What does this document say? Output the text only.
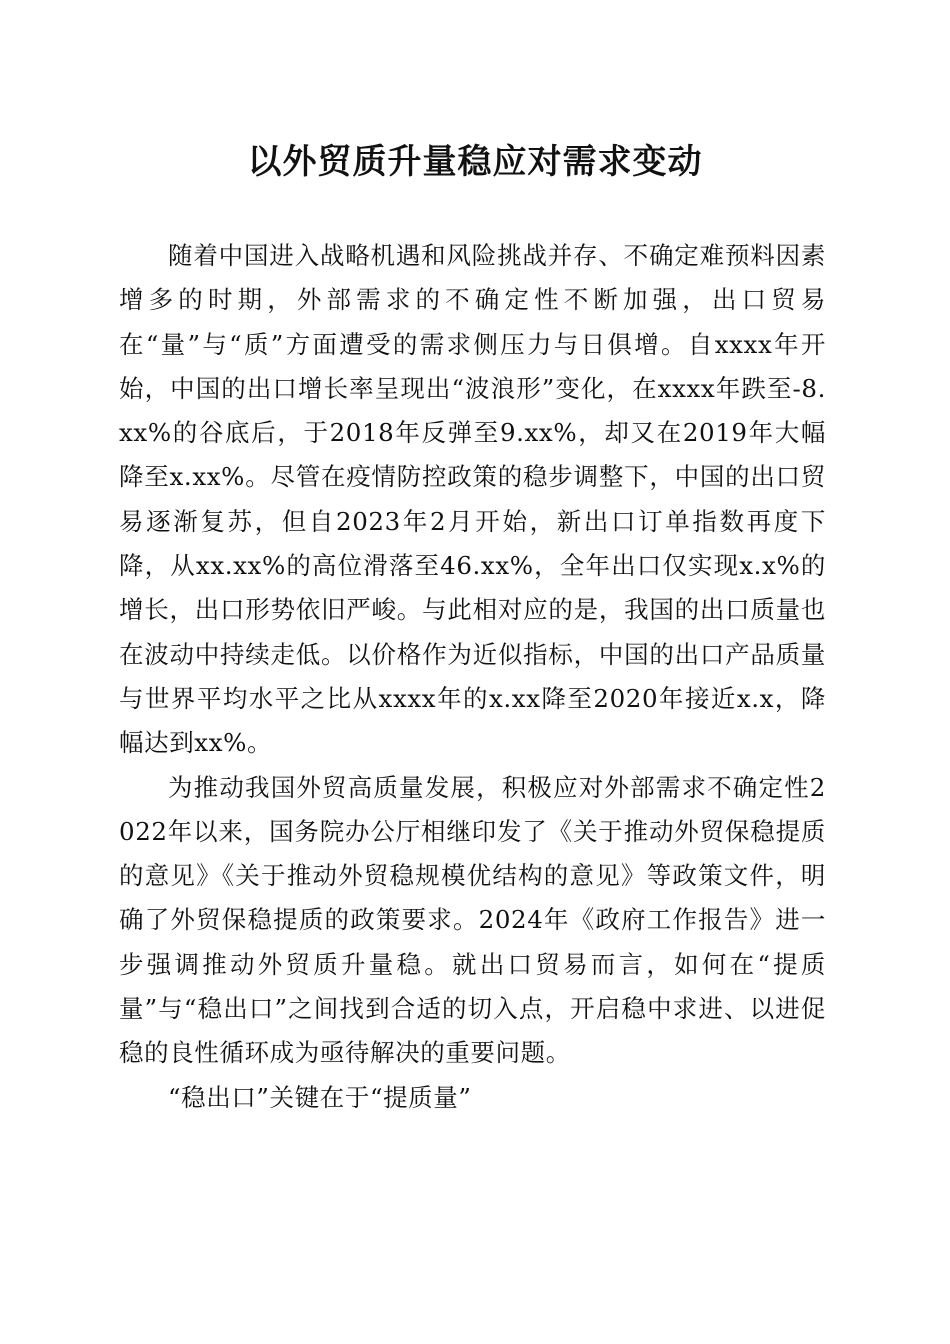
以外贸质升量稳应对需求变动

随着中国进入战略机遇和风险挑战并存、不确定难预料因素增多的时期，外部需求的不确定性不断加强，出口贸易在“量”与“质”方面遭受的需求侧压力与日俱增。自xxxx年开始，中国的出口增长率呈现出“波浪形”变化，在xxxx年跌至-8.xx%的谷底后，于2018年反弹至9.xx%，却又在2019年大幅降至x.xx%。尽管在疫情防控政策的稳步调整下，中国的出口贸易逐渐复苏，但自2023年2月开始，新出口订单指数再度下降，从xx.xx%的高位滑落至46.xx%，全年出口仅实现x.x%的增长，出口形势依旧严峻。与此相对应的是，我国的出口质量也在波动中持续走低。以价格作为近似指标，中国的出口产品质量与世界平均水平之比从xxxx年的x.xx降至2020年接近x.x，降幅达到xx%。

为推动我国外贸高质量发展，积极应对外部需求不确定性2022年以来，国务院办公厅相继印发了《关于推动外贸保稳提质的意见》《关于推动外贸稳规模优结构的意见》等政策文件，明确了外贸保稳提质的政策要求。2024年《政府工作报告》进一步强调推动外贸质升量稳。就出口贸易而言，如何在“提质量”与“稳出口”之间找到合适的切入点，开启稳中求进、以进促稳的良性循环成为亟待解决的重要问题。

“稳出口”关键在于“提质量”
